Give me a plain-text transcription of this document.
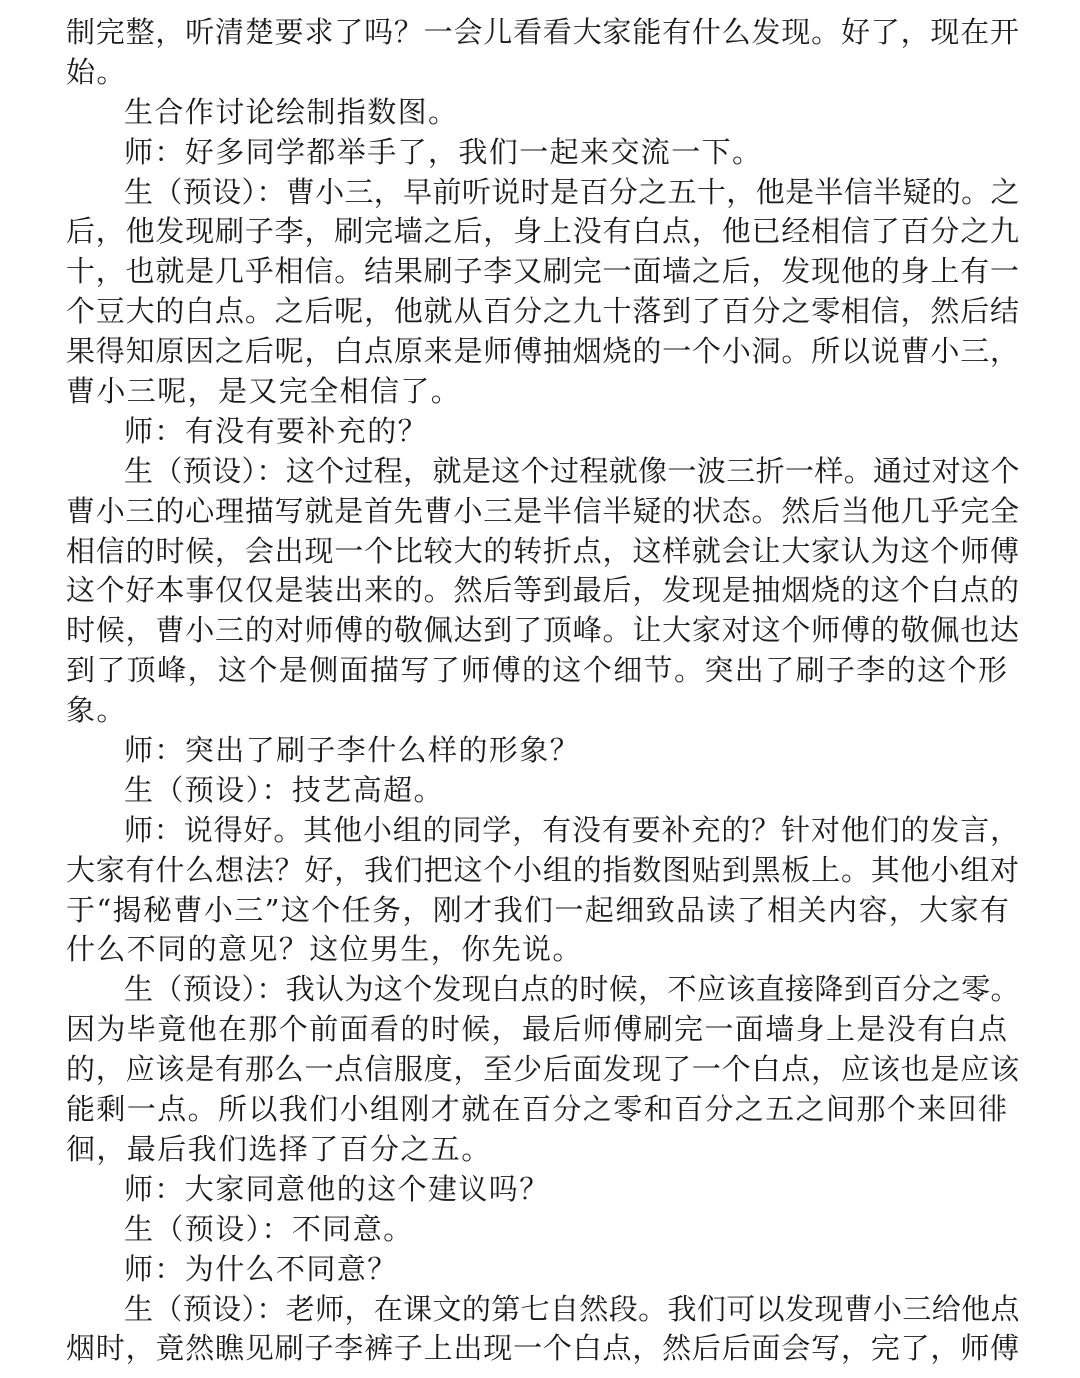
制完整，听清楚要求了吗？一会儿看看大家能有什么发现。好了，现在开
始。
生合作讨论绘制指数图。
师：好多同学都举手了，我们一起来交流一下。
生（预设）：曹小三，早前听说时是百分之五十，他是半信半疑的。之
后，他发现刷子李，刷完墙之后，身上没有白点，他已经相信了百分之九
十，也就是几乎相信。结果刷子李又刷完一面墙之后，发现他的身上有一
个豆大的白点。之后呢，他就从百分之九十落到了百分之零相信，然后结
果得知原因之后呢，白点原来是师傅抽烟烧的一个小洞。所以说曹小三，
曹小三呢，是又完全相信了。
师：有没有要补充的？
生（预设）：这个过程，就是这个过程就像一波三折一样。通过对这个
曹小三的心理描写就是首先曹小三是半信半疑的状态。然后当他几乎完全
相信的时候，会出现一个比较大的转折点，这样就会让大家认为这个师傅
这个好本事仅仅是装出来的。然后等到最后，发现是抽烟烧的这个白点的
时候，曹小三的对师傅的敬佩达到了顶峰。让大家对这个师傅的敬佩也达
到了顶峰，这个是侧面描写了师傅的这个细节。突出了刷子李的这个形
象。
师：突出了刷子李什么样的形象？
生（预设）：技艺高超。
师：说得好。其他小组的同学，有没有要补充的？针对他们的发言，
大家有什么想法？好，我们把这个小组的指数图贴到黑板上。其他小组对
于“揭秘曹小三”这个任务，刚才我们一起细致品读了相关内容，大家有
什么不同的意见？这位男生，你先说。
生（预设）：我认为这个发现白点的时候，不应该直接降到百分之零。
因为毕竟他在那个前面看的时候，最后师傅刷完一面墙身上是没有白点
的，应该是有那么一点信服度，至少后面发现了一个白点，应该也是应该
能剩一点。所以我们小组刚才就在百分之零和百分之五之间那个来回徘
徊，最后我们选择了百分之五。
师：大家同意他的这个建议吗？
生（预设）：不同意。
师：为什么不同意？
生（预设）：老师，在课文的第七自然段。我们可以发现曹小三给他点
烟时，竟然瞧见刷子李裤子上出现一个白点，然后后面会写，完了，师傅
